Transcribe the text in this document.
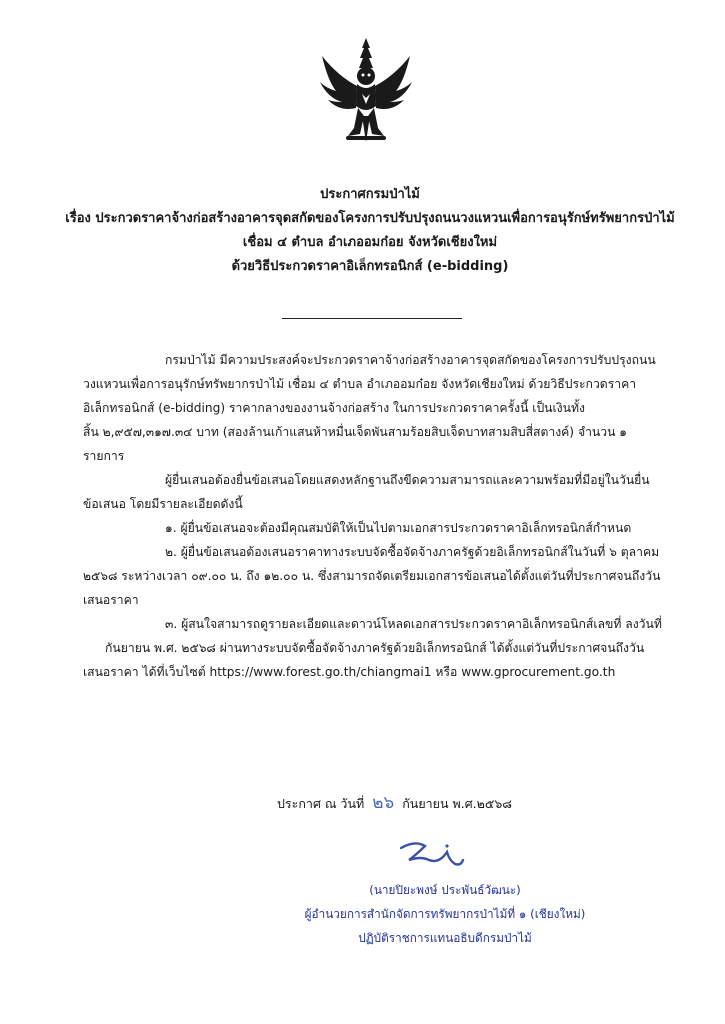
ประกาศกรมป่าไม้
เรื่อง ประกวดราคาจ้างก่อสร้างอาคารจุดสกัดของโครงการปรับปรุงถนนวงแหวนเพื่อการอนุรักษ์ทรัพยากรป่าไม้
เชื่อม ๔ ตำบล อำเภออมก๋อย จังหวัดเชียงใหม่
ด้วยวิธีประกวดราคาอิเล็กทรอนิกส์ (e-bidding)

กรมป่าไม้ มีความประสงค์จะประกวดราคาจ้างก่อสร้างอาคารจุดสกัดของโครงการปรับปรุงถนน
วงแหวนเพื่อการอนุรักษ์ทรัพยากรป่าไม้ เชื่อม ๔ ตำบล อำเภออมก๋อย จังหวัดเชียงใหม่ ด้วยวิธีประกวดราคา
อิเล็กทรอนิกส์ (e-bidding) ราคากลางของงานจ้างก่อสร้าง ในการประกวดราคาครั้งนี้ เป็นเงินทั้ง
สิ้น ๒,๙๕๗,๓๑๗.๓๔ บาท (สองล้านเก้าแสนห้าหมื่นเจ็ดพันสามร้อยสิบเจ็ดบาทสามสิบสี่สตางค์) จำนวน ๑
รายการ

ผู้ยื่นเสนอต้องยื่นข้อเสนอโดยแสดงหลักฐานถึงขีดความสามารถและความพร้อมที่มีอยู่ในวันยื่น
ข้อเสนอ โดยมีรายละเอียดดังนี้

๑. ผู้ยื่นข้อเสนอจะต้องมีคุณสมบัติให้เป็นไปตามเอกสารประกวดราคาอิเล็กทรอนิกส์กำหนด

๒. ผู้ยื่นข้อเสนอต้องเสนอราคาทางระบบจัดซื้อจัดจ้างภาครัฐด้วยอิเล็กทรอนิกส์ในวันที่ ๖ ตุลาคม
๒๕๖๘ ระหว่างเวลา ๐๙.๐๐ น. ถึง ๑๒.๐๐ น. ซึ่งสามารถจัดเตรียมเอกสารข้อเสนอได้ตั้งแต่วันที่ประกาศจนถึงวัน
เสนอราคา

๓. ผู้สนใจสามารถดูรายละเอียดและดาวน์โหลดเอกสารประกวดราคาอิเล็กทรอนิกส์เลขที่ ลงวันที่
กันยายน พ.ศ. ๒๕๖๘ ผ่านทางระบบจัดซื้อจัดจ้างภาครัฐด้วยอิเล็กทรอนิกส์ ได้ตั้งแต่วันที่ประกาศจนถึงวัน
เสนอราคา ได้ที่เว็บไซต์ https://www.forest.go.th/chiangmai1 หรือ www.gprocurement.go.th

ประกาศ ณ วันที่ ๒๖ กันยายน พ.ศ.๒๕๖๘
(นายปิยะพงษ์ ประพันธ์วัฒนะ)
ผู้อำนวยการสำนักจัดการทรัพยากรป่าไม้ที่ ๑ (เชียงใหม่)
ปฏิบัติราชการแทนอธิบดีกรมป่าไม้
